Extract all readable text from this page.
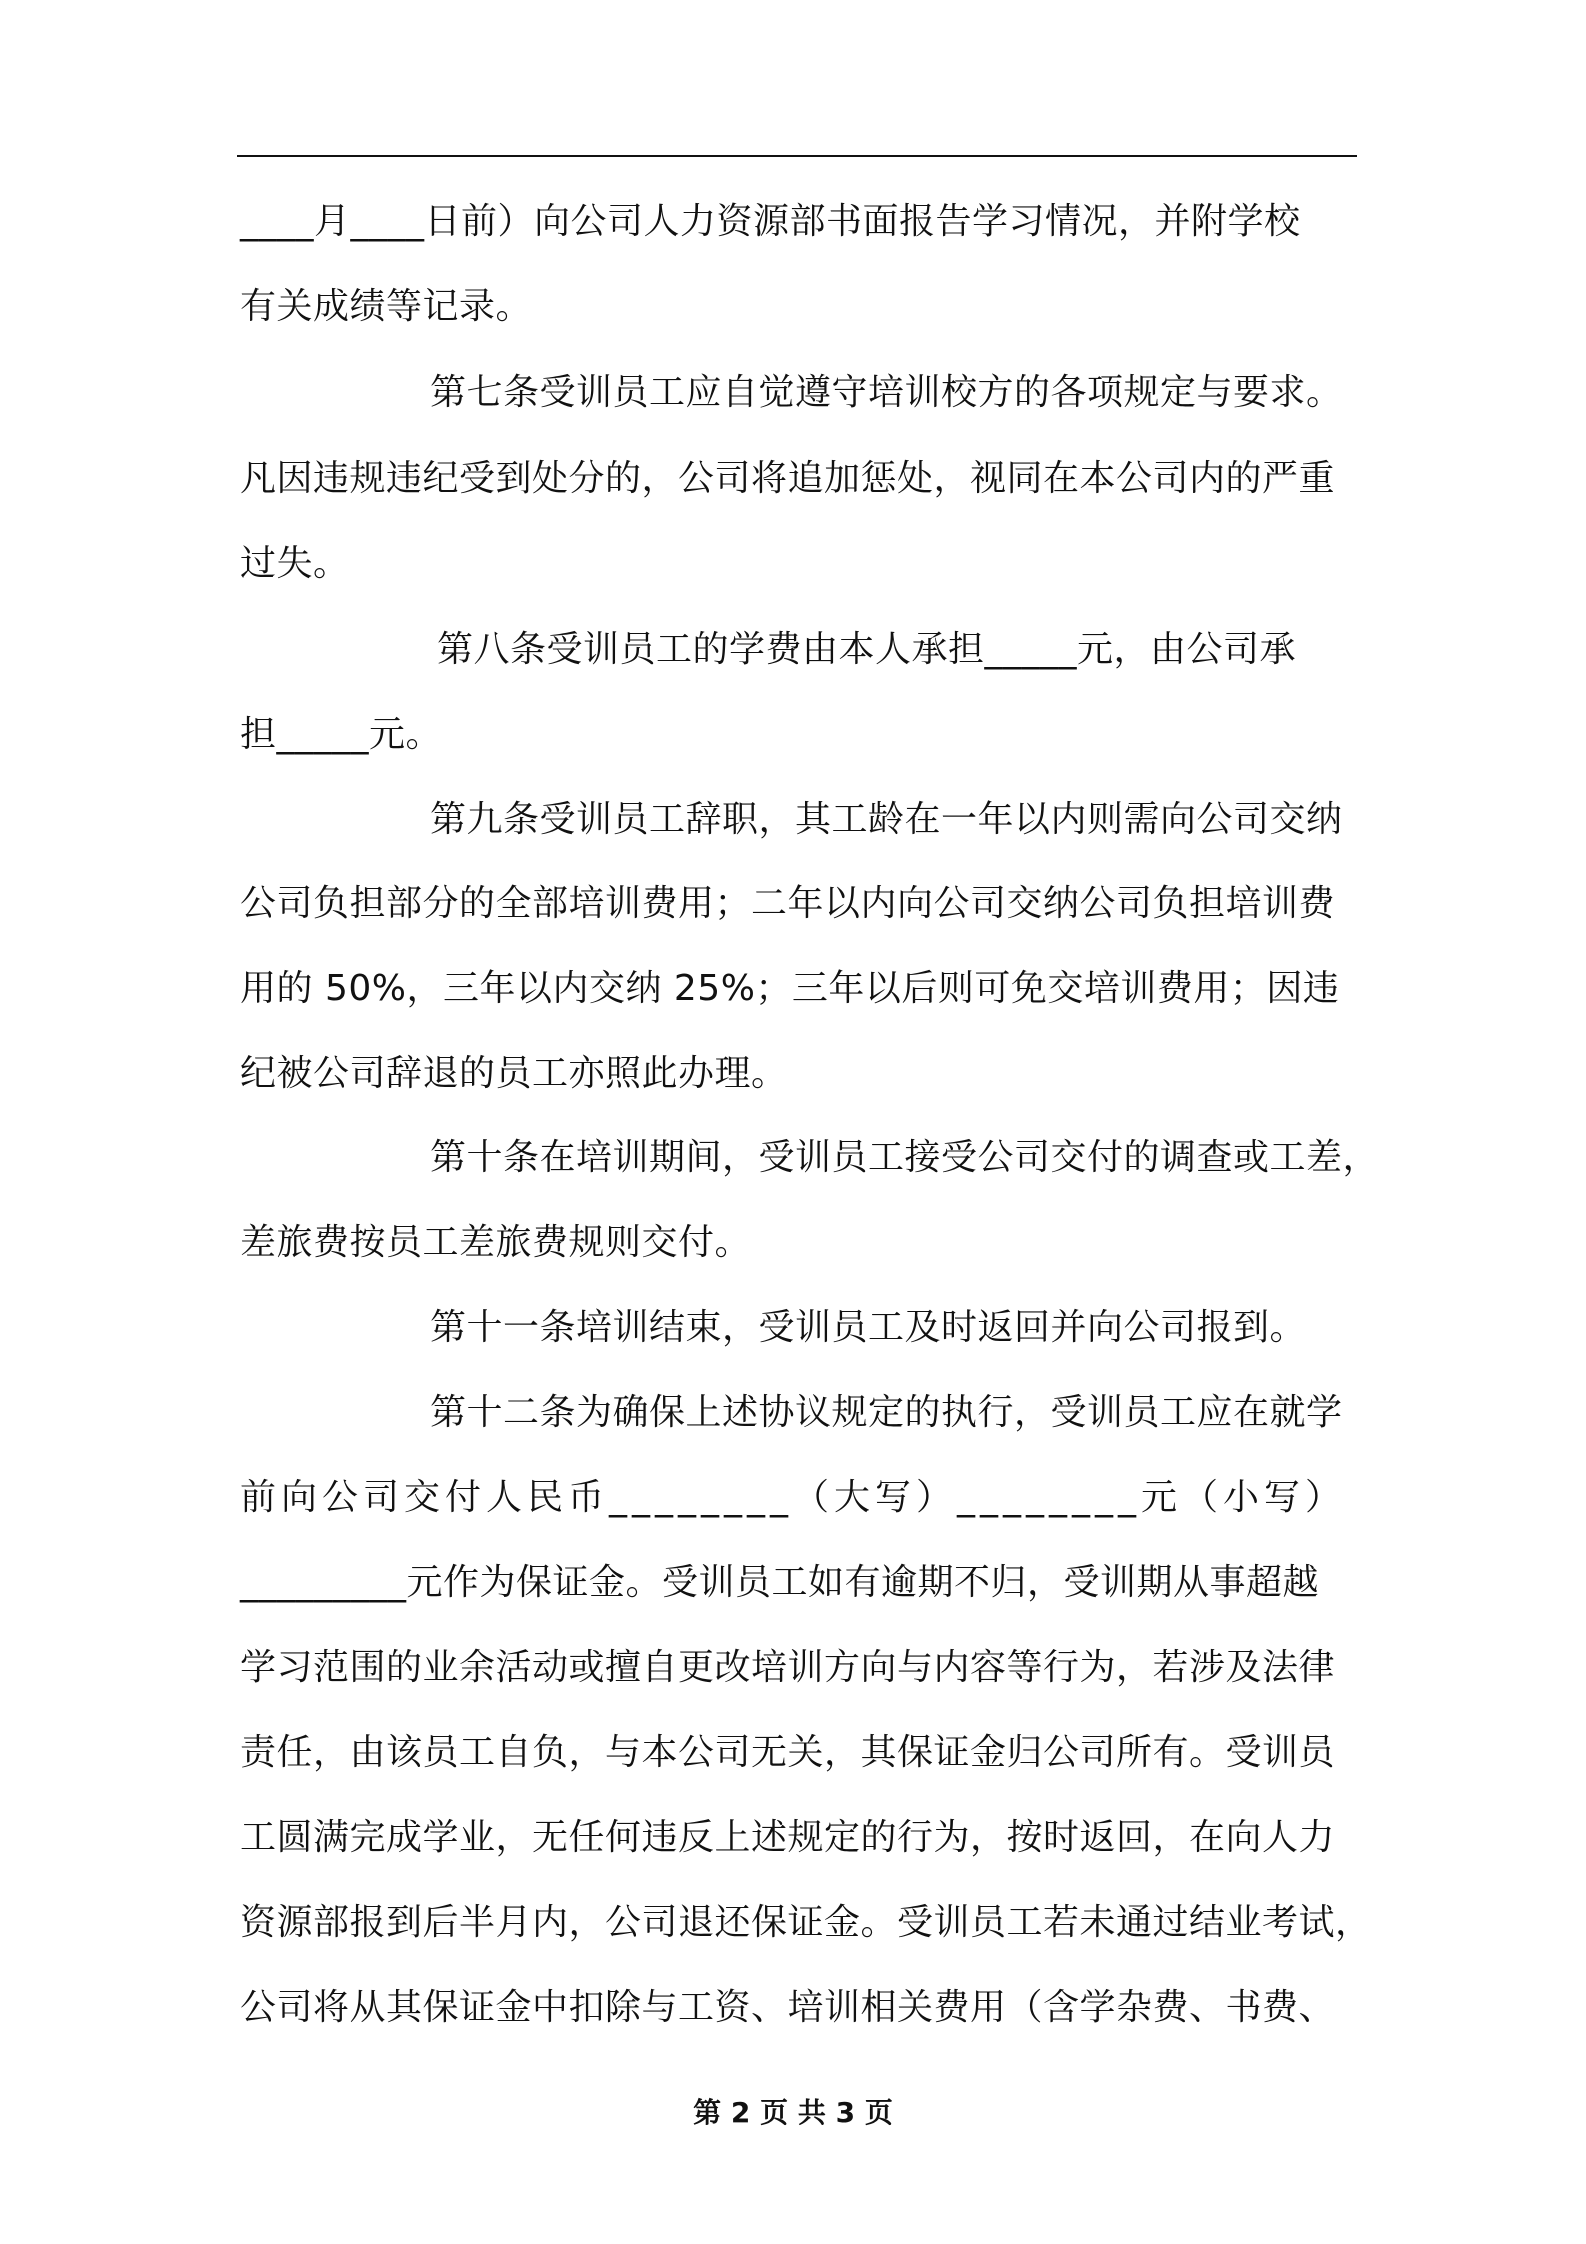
____月____日前）向公司人力资源部书面报告学习情况，并附学校
有关成绩等记录。
第七条受训员工应自觉遵守培训校方的各项规定与要求。
凡因违规违纪受到处分的，公司将追加惩处，视同在本公司内的严重
过失。
第八条受训员工的学费由本人承担_____元，由公司承
担_____元。
第九条受训员工辞职，其工龄在一年以内则需向公司交纳
公司负担部分的全部培训费用；二年以内向公司交纳公司负担培训费
用的 50%，三年以内交纳 25%；三年以后则可免交培训费用；因违
纪被公司辞退的员工亦照此办理。
第十条在培训期间，受训员工接受公司交付的调查或工差，
差旅费按员工差旅费规则交付。
第十一条培训结束，受训员工及时返回并向公司报到。
第十二条为确保上述协议规定的执行，受训员工应在就学
前向公司交付人民币________（大写）________元（小写）
_________元作为保证金。受训员工如有逾期不归，受训期从事超越
学习范围的业余活动或擅自更改培训方向与内容等行为，若涉及法律
责任，由该员工自负，与本公司无关，其保证金归公司所有。受训员
工圆满完成学业，无任何违反上述规定的行为，按时返回，在向人力
资源部报到后半月内，公司退还保证金。受训员工若未通过结业考试，
公司将从其保证金中扣除与工资、培训相关费用（含学杂费、书费、
第 2 页 共 3 页
